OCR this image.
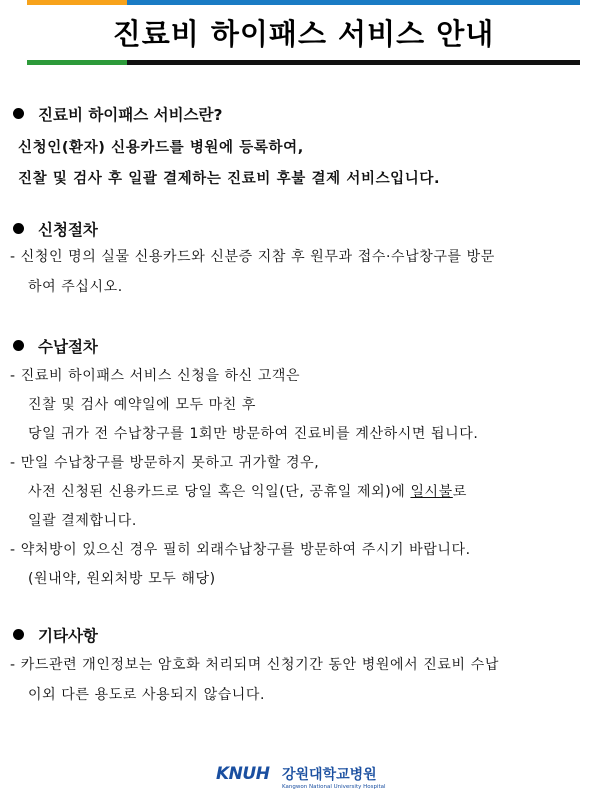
진료비 하이패스 서비스 안내
진료비 하이패스 서비스란?
신청인(환자) 신용카드를 병원에 등록하여,
진찰 및 검사 후 일괄 결제하는 진료비 후불 결제 서비스입니다.
신청절차
- 신청인 명의 실물 신용카드와 신분증 지참 후 원무과 접수·수납창구를 방문
하여 주십시오.
수납절차
- 진료비 하이패스 서비스 신청을 하신 고객은
진찰 및 검사 예약일에 모두 마친 후
당일 귀가 전 수납창구를 1회만 방문하여 진료비를 계산하시면 됩니다.
- 만일 수납창구를 방문하지 못하고 귀가할 경우,
사전 신청된 신용카드로 당일 혹은 익일(단, 공휴일 제외)에 일시불로
일괄 결제합니다.
- 약처방이 있으신 경우 필히 외래수납창구를 방문하여 주시기 바랍니다.
(원내약, 원외처방 모두 해당)
기타사항
- 카드관련 개인정보는 암호화 처리되며 신청기간 동안 병원에서 진료비 수납
이외 다른 용도로 사용되지 않습니다.
KNUH 강원대학교병원
Kangwon National University Hospital
